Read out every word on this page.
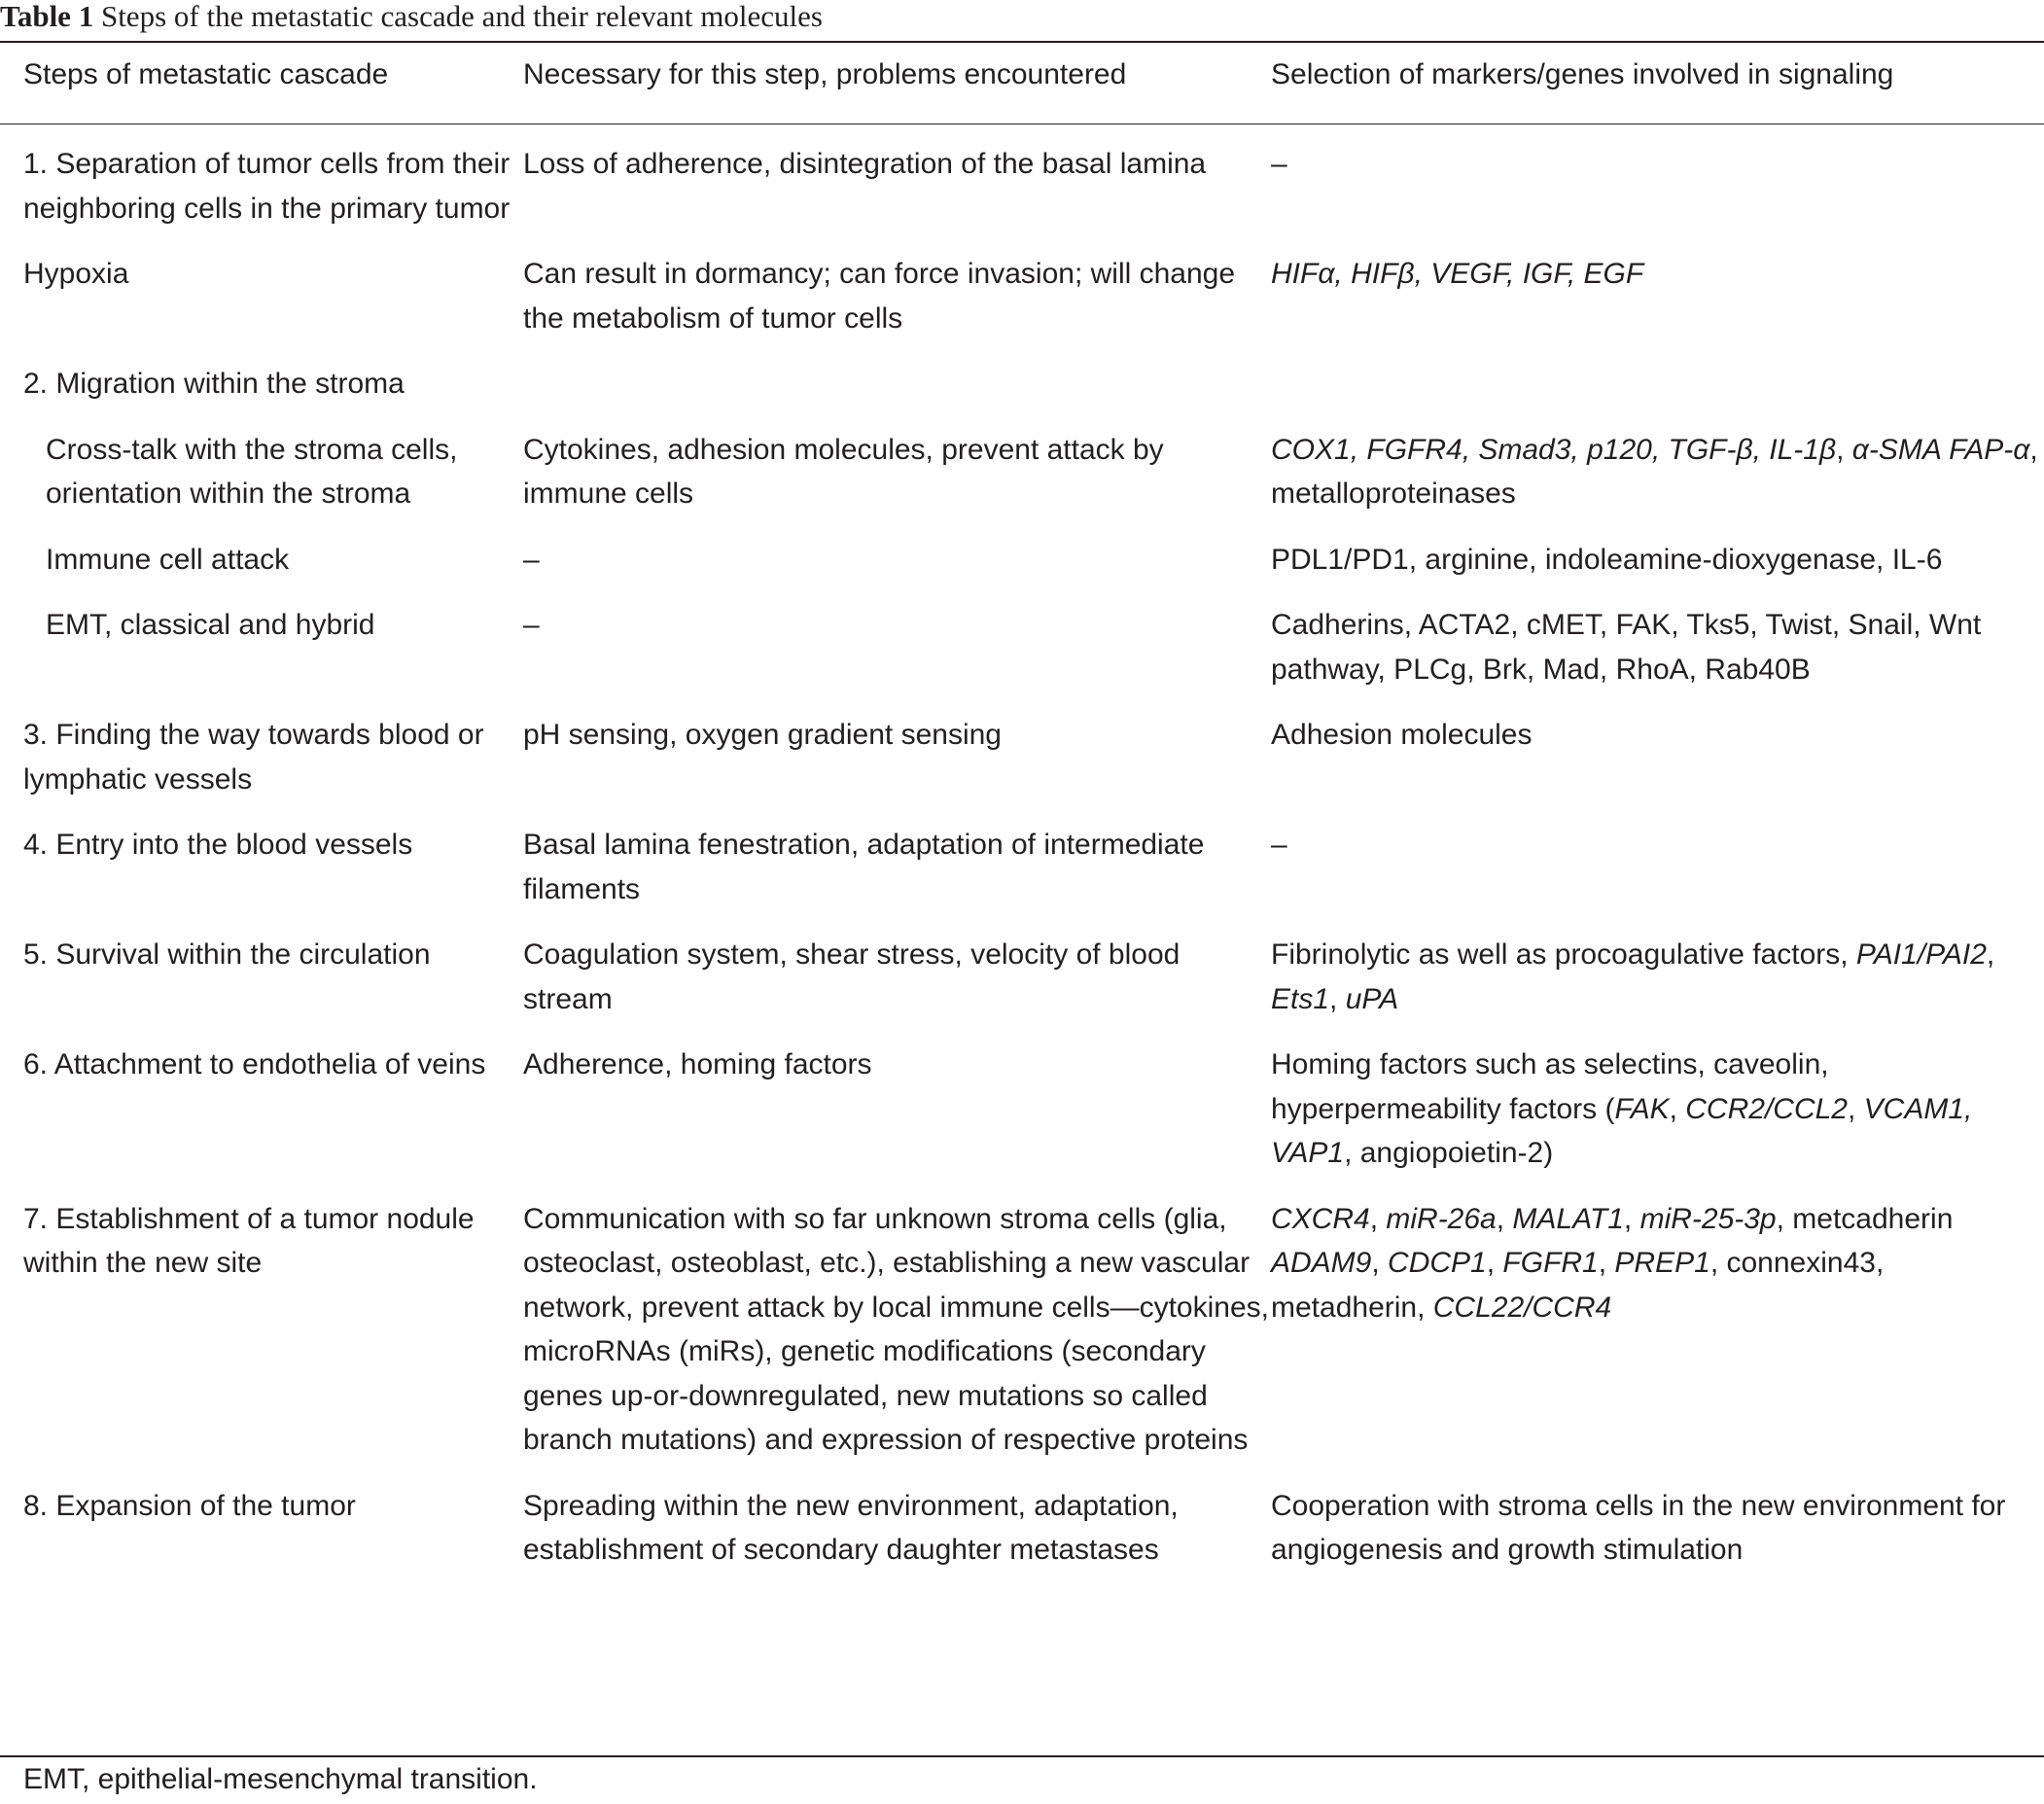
Table 1 Steps of the metastatic cascade and their relevant molecules
Steps of metastatic cascade	Necessary for this step, problems encountered	Selection of markers/genes involved in signaling
1. Separation of tumor cells from their neighboring cells in the primary tumor	Loss of adherence, disintegration of the basal lamina	–
Hypoxia	Can result in dormancy; can force invasion; will change the metabolism of tumor cells	HIFα, HIFβ, VEGF, IGF, EGF
2. Migration within the stroma		
Cross-talk with the stroma cells, orientation within the stroma	Cytokines, adhesion molecules, prevent attack by immune cells	COX1, FGFR4, Smad3, p120, TGF-β, IL-1β, α-SMA FAP-α, metalloproteinases
Immune cell attack	–	PDL1/PD1, arginine, indoleamine-dioxygenase, IL-6
EMT, classical and hybrid	–	Cadherins, ACTA2, cMET, FAK, Tks5, Twist, Snail, Wnt pathway, PLCg, Brk, Mad, RhoA, Rab40B
3. Finding the way towards blood or lymphatic vessels	pH sensing, oxygen gradient sensing	Adhesion molecules
4. Entry into the blood vessels	Basal lamina fenestration, adaptation of intermediate filaments	–
5. Survival within the circulation	Coagulation system, shear stress, velocity of blood stream	Fibrinolytic as well as procoagulative factors, PAI1/PAI2, Ets1, uPA
6. Attachment to endothelia of veins	Adherence, homing factors	Homing factors such as selectins, caveolin, hyperpermeability factors (FAK, CCR2/CCL2, VCAM1, VAP1, angiopoietin-2)
7. Establishment of a tumor nodule within the new site	Communication with so far unknown stroma cells (glia, osteoclast, osteoblast, etc.), establishing a new vascular network, prevent attack by local immune cells—cytokines, microRNAs (miRs), genetic modifications (secondary genes up-or-downregulated, new mutations so called branch mutations) and expression of respective proteins	CXCR4, miR-26a, MALAT1, miR-25-3p, metcadherin ADAM9, CDCP1, FGFR1, PREP1, connexin43, metadherin, CCL22/CCR4
8. Expansion of the tumor	Spreading within the new environment, adaptation, establishment of secondary daughter metastases	Cooperation with stroma cells in the new environment for angiogenesis and growth stimulation
EMT, epithelial-mesenchymal transition.
